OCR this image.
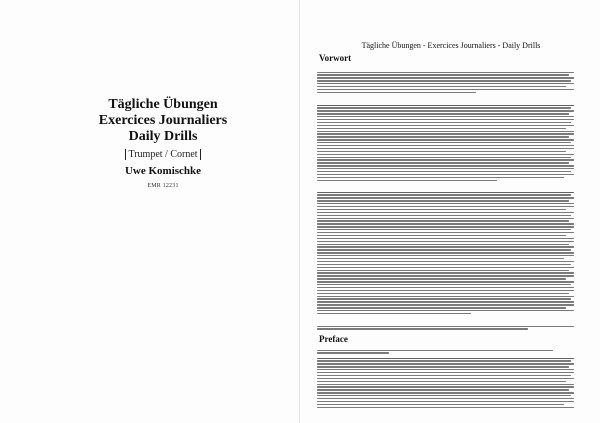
Tägliche Übungen

Exercices Journaliers

Daily Drills

Trumpet / Cornet
Uwe Komischke
EMR 12231
Tägliche Übungen - Exercices Journaliers - Daily Drills
Vorwort
Preface
